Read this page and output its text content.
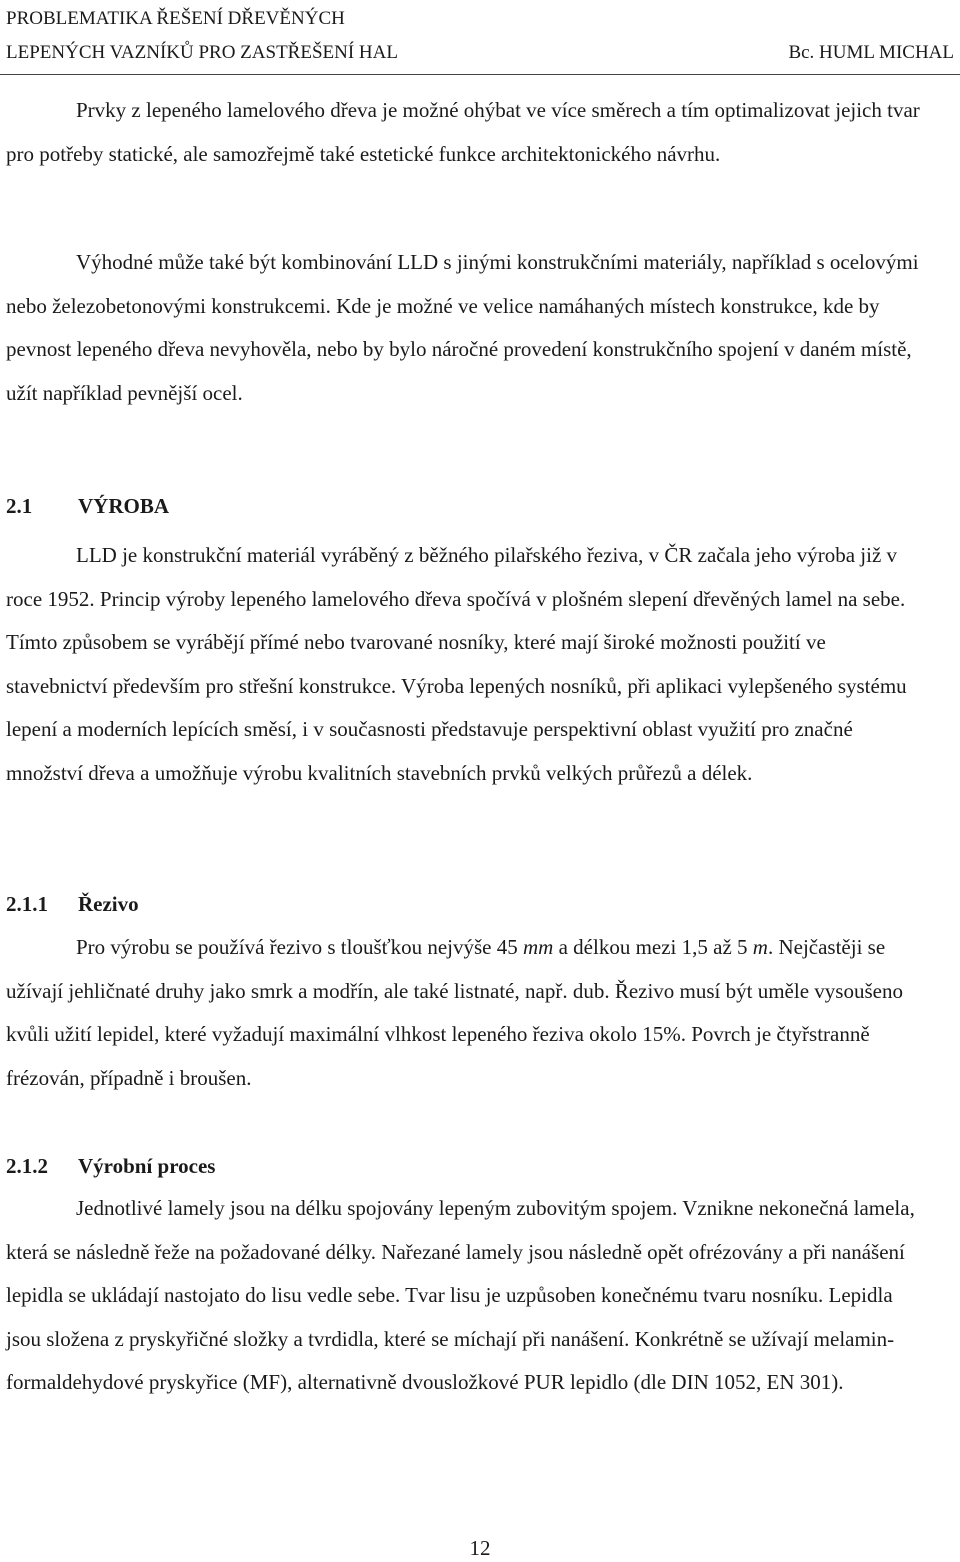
PROBLEMATIKA ŘEŠENÍ DŘEVĚNÝCH
LEPENÝCH VAZNÍKŮ PRO ZASTŘEŠENÍ HAL	Bc. HUML MICHAL

Prvky z lepeného lamelového dřeva je možné ohýbat ve více směrech a tím optimalizovat jejich tvar pro potřeby statické, ale samozřejmě také estetické funkce architektonického návrhu.

Výhodné může také být kombinování LLD s jinými konstrukčními materiály, například s ocelovými nebo železobetonovými konstrukcemi. Kde je možné ve velice namáhaných místech konstrukce, kde by pevnost lepeného dřeva nevyhověla, nebo by bylo náročné provedení konstrukčního spojení v daném místě, užít například pevnější ocel.

2.1 VÝROBA

LLD je konstrukční materiál vyráběný z běžného pilařského řeziva, v ČR začala jeho výroba již v roce 1952. Princip výroby lepeného lamelového dřeva spočívá v plošném slepení dřevěných lamel na sebe. Tímto způsobem se vyrábějí přímé nebo tvarované nosníky, které mají široké možnosti použití ve stavebnictví především pro střešní konstrukce. Výroba lepených nosníků, při aplikaci vylepšeného systému lepení a moderních lepících směsí, i v současnosti představuje perspektivní oblast využití pro značné množství dřeva a umožňuje výrobu kvalitních stavebních prvků velkých průřezů a délek.

2.1.1 Řezivo

Pro výrobu se používá řezivo s tloušťkou nejvýše 45 mm a délkou mezi 1,5 až 5 m. Nejčastěji se užívají jehličnaté druhy jako smrk a modřín, ale také listnaté, např. dub. Řezivo musí být uměle vysoušeno kvůli užití lepidel, které vyžadují maximální vlhkost lepeného řeziva okolo 15%. Povrch je čtyřstranně frézován, případně i broušen.

2.1.2 Výrobní proces

Jednotlivé lamely jsou na délku spojovány lepeným zubovitým spojem. Vznikne nekonečná lamela, která se následně řeže na požadované délky. Nařezané lamely jsou následně opět ofrézovány a při nanášení lepidla se ukládají nastojato do lisu vedle sebe. Tvar lisu je uzpůsoben konečnému tvaru nosníku. Lepidla jsou složena z pryskyřičné složky a tvrdidla, které se míchají při nanášení. Konkrétně se užívají melamin-formaldehydové pryskyřice (MF), alternativně dvousložkové PUR lepidlo (dle DIN 1052, EN 301).

12
